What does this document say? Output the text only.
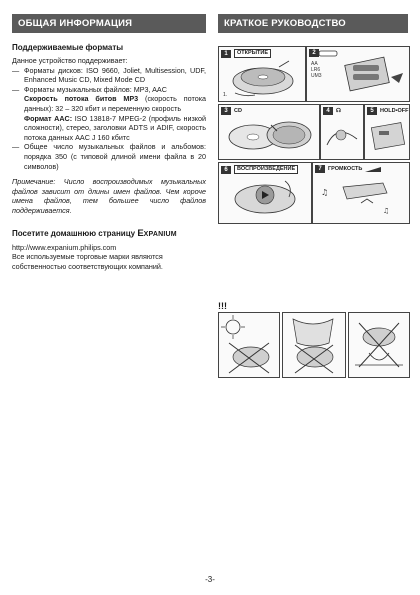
ОБЩАЯ ИНФОРМАЦИЯ

Поддерживаемые форматы

Данное устройство поддерживает:

— Форматы дисков: ISO 9660, Joliet, Multisession, UDF, Enhanced Music CD, Mixed Mode CD

— Форматы музыкальных файлов: MP3, AAC

Скорость потока битов MP3 (скорость потока данных): 32 – 320 кбит и переменную скорость

Формат AAC: ISO 13818-7 MPEG-2 (профиль низкой сложности), стерео, заголовки ADTS и ADIF, скорость потока данных AAC J 160 кбитс

— Общее число музыкальных файлов и альбомов: порядка 350 (с типовой длиной имени файла в 20 символов)

Примечание: Число воспроизводимых музыкальных файлов зависит от длины имен файлов. Чем короче имена файлов, тем большее число файлов поддерживается.

Посетите домашнюю страницу EXPANIUM

http://www.expanium.philips.com

Все используемые торговые марки являются собственностью соответствующих компаний.

КРАТКОЕ РУКОВОДСТВО
1	ОТКРЫТИЕ
1.
2
AA
LR6
UM3
3	CD	4	☊	5	HOLD•OFF
6	ВОСПРОИЗВЕДЕНИЕ
♫
♫
7	ГРОМКОСТЬ
!!!
-3-
